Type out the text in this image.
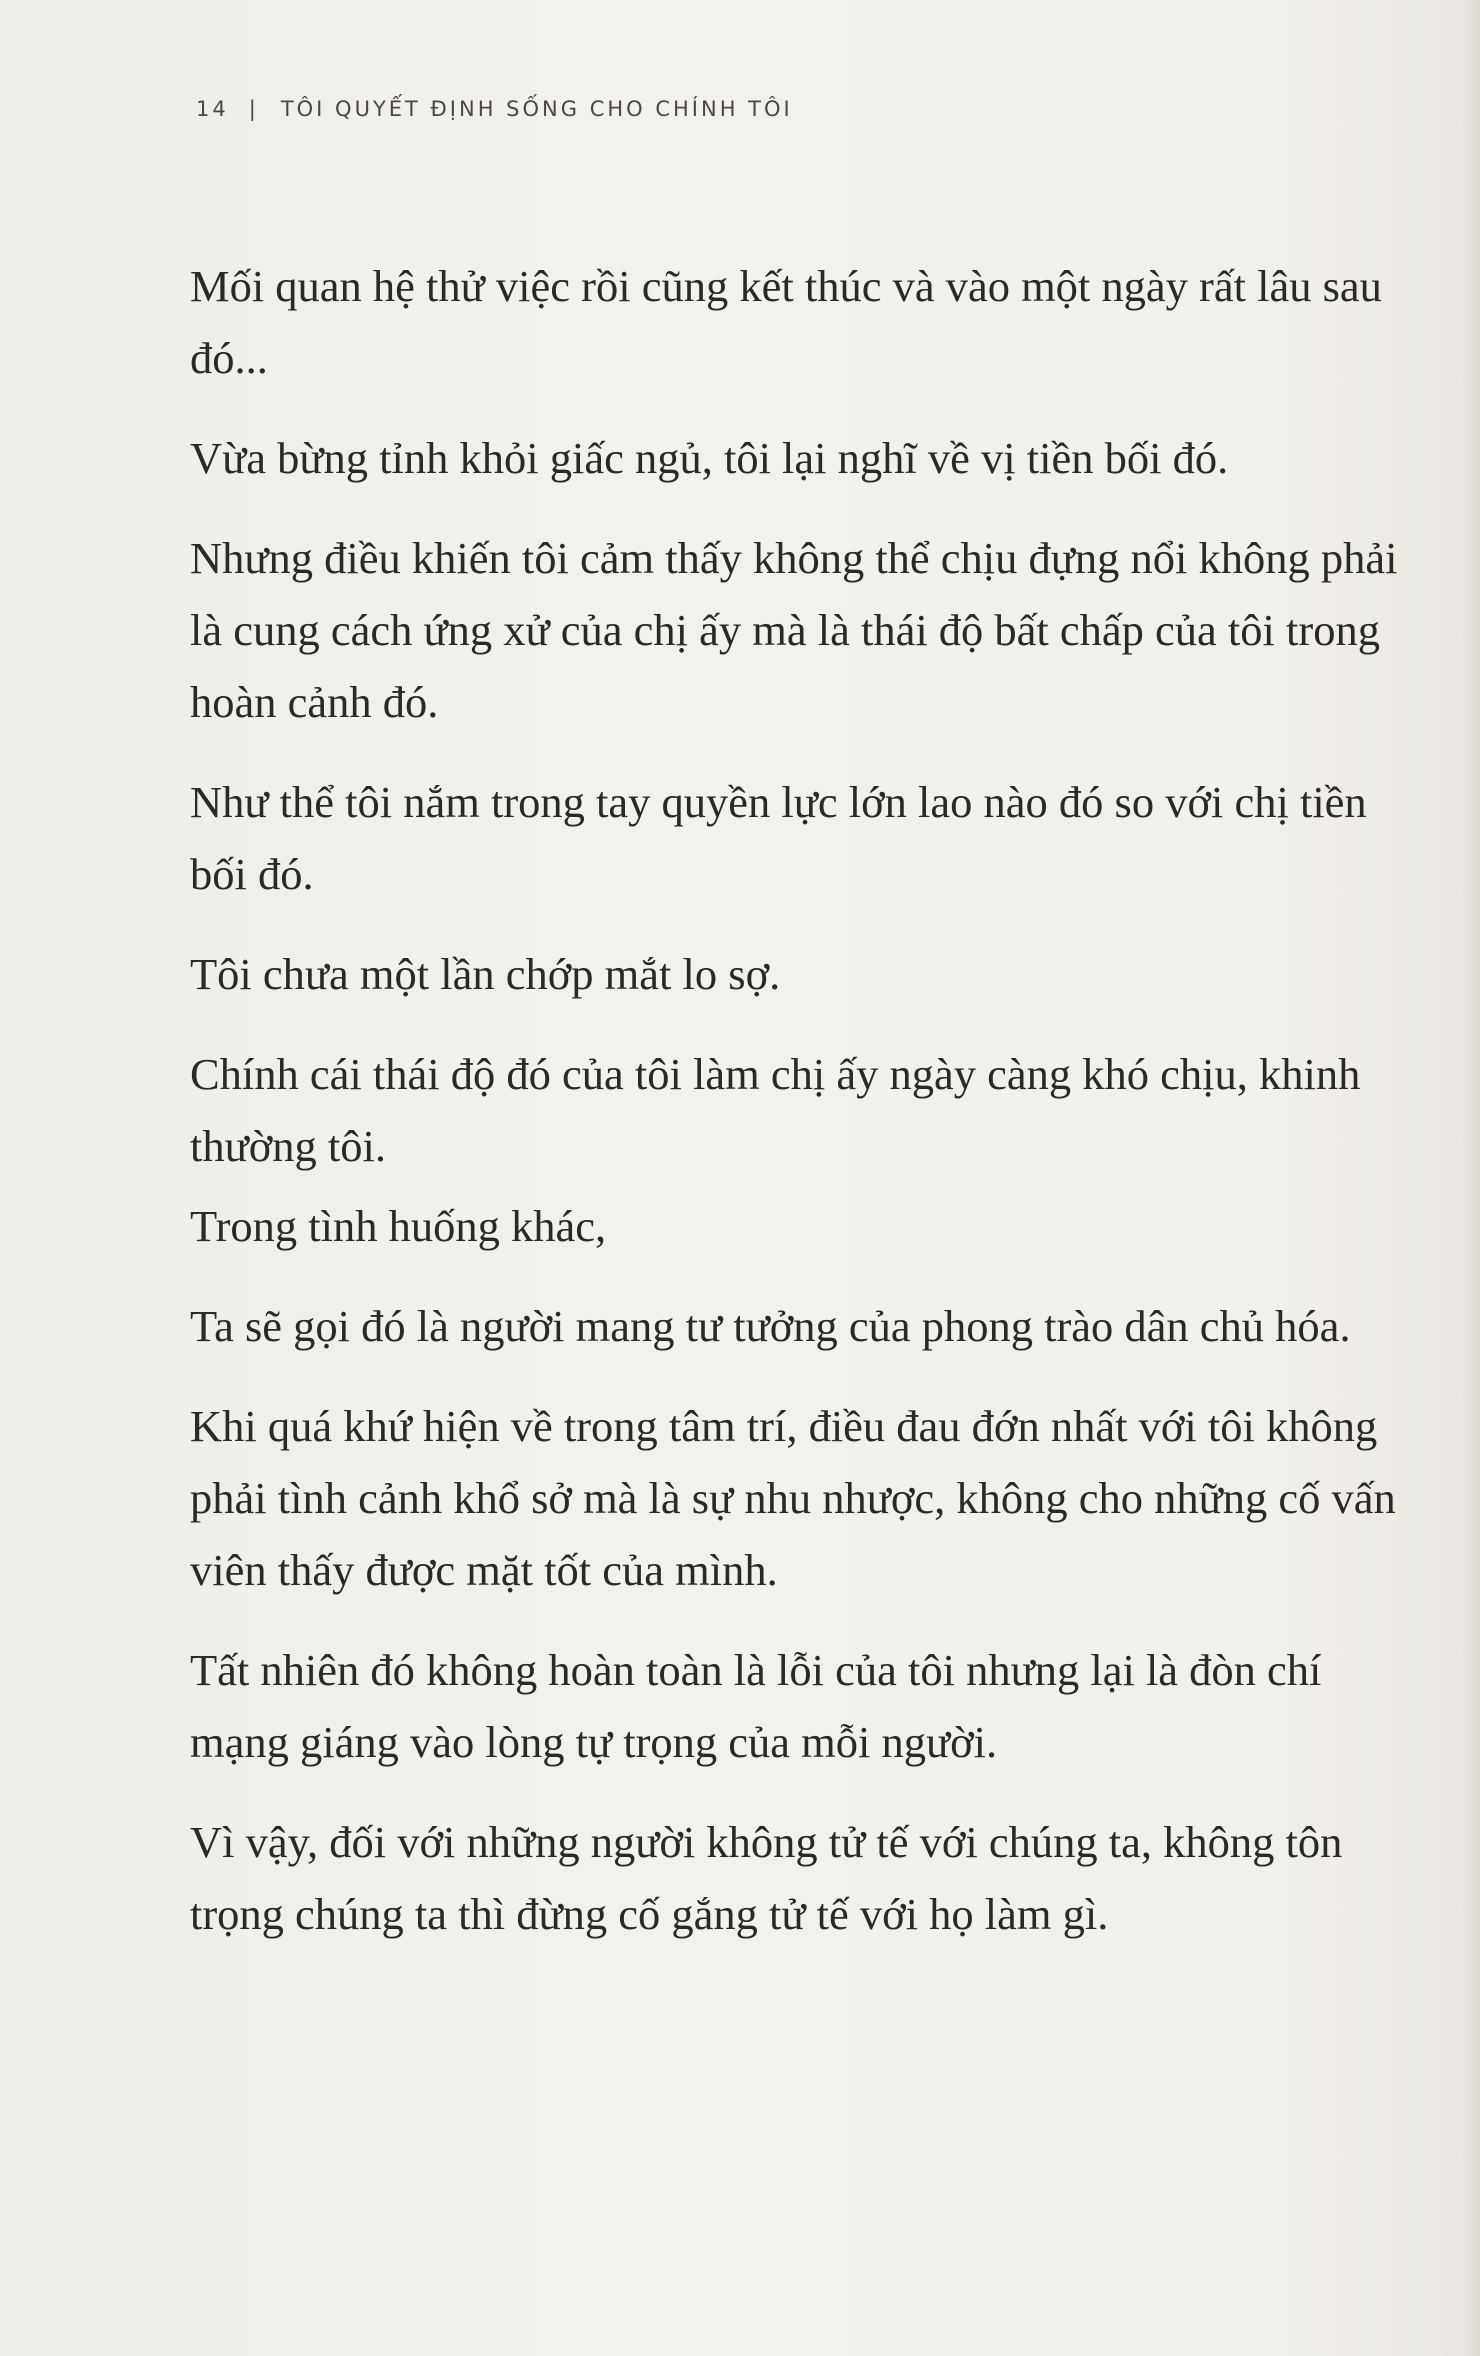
14 | TÔI QUYẾT ĐỊNH SỐNG CHO CHÍNH TÔI

Mối quan hệ thử việc rồi cũng kết thúc và vào một ngày rất lâu sau đó...

Vừa bừng tỉnh khỏi giấc ngủ, tôi lại nghĩ về vị tiền bối đó.

Nhưng điều khiến tôi cảm thấy không thể chịu đựng nổi không phải là cung cách ứng xử của chị ấy mà là thái độ bất chấp của tôi trong hoàn cảnh đó.

Như thể tôi nắm trong tay quyền lực lớn lao nào đó so với chị tiền bối đó.

Tôi chưa một lần chớp mắt lo sợ.

Chính cái thái độ đó của tôi làm chị ấy ngày càng khó chịu, khinh thường tôi.

Trong tình huống khác,

Ta sẽ gọi đó là người mang tư tưởng của phong trào dân chủ hóa.

Khi quá khứ hiện về trong tâm trí, điều đau đớn nhất với tôi không phải tình cảnh khổ sở mà là sự nhu nhược, không cho những cố vấn viên thấy được mặt tốt của mình.

Tất nhiên đó không hoàn toàn là lỗi của tôi nhưng lại là đòn chí mạng giáng vào lòng tự trọng của mỗi người.

Vì vậy, đối với những người không tử tế với chúng ta, không tôn trọng chúng ta thì đừng cố gắng tử tế với họ làm gì.
